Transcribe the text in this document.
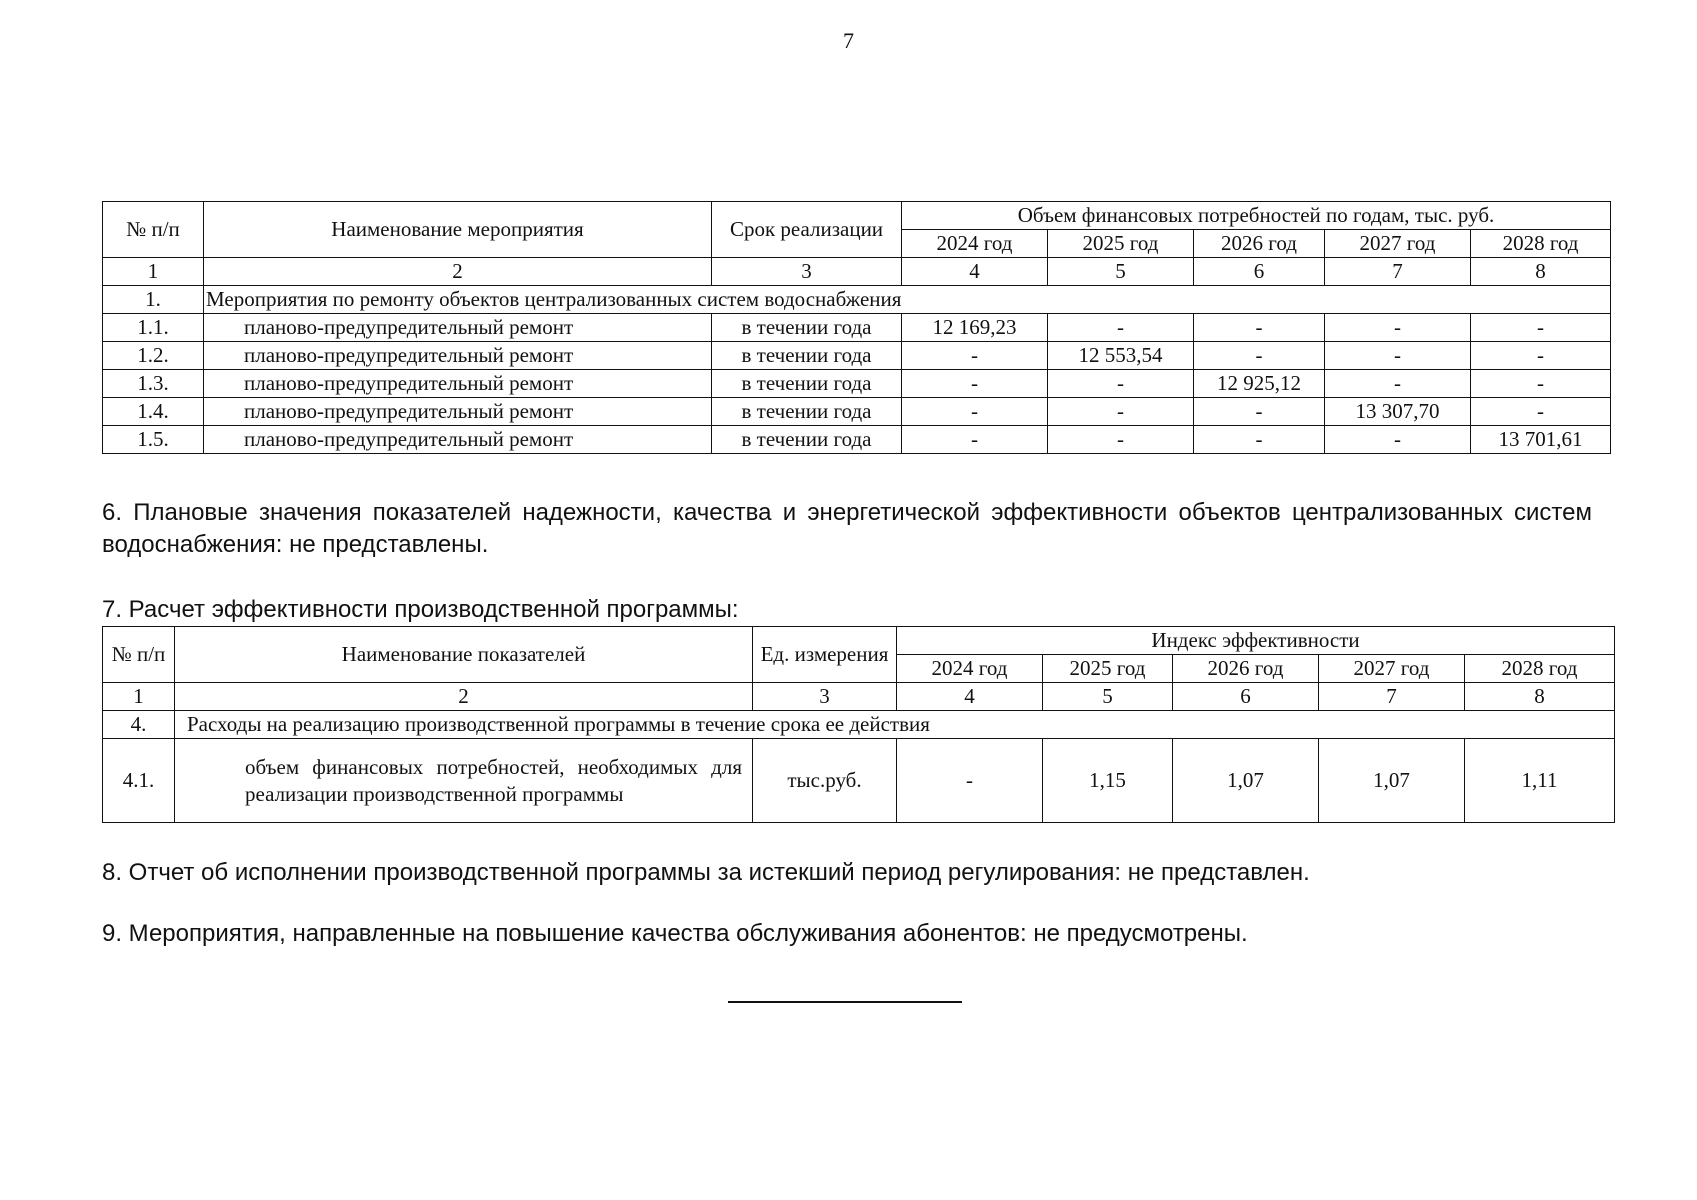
7
№ п/п	Наименование мероприятия	Срок реализации	Объем финансовых потребностей по годам, тыс. руб.				
			2024 год	2025 год	2026 год	2027 год	2028 год
1	2	3	4	5	6	7	8
1.	Мероприятия по ремонту объектов централизованных систем водоснабжения						
1.1.	планово-предупредительный ремонт	в течении года	12 169,23	-	-	-	-
1.2.	планово-предупредительный ремонт	в течении года	-	12 553,54	-	-	-
1.3.	планово-предупредительный ремонт	в течении года	-	-	12 925,12	-	-
1.4.	планово-предупредительный ремонт	в течении года	-	-	-	13 307,70	-
1.5.	планово-предупредительный ремонт	в течении года	-	-	-	-	13 701,61
6. Плановые значения показателей надежности, качества и энергетической эффективности объектов централизованных систем водоснабжения: не представлены.
7. Расчет эффективности производственной программы:
№ п/п	Наименование показателей	Ед. измерения	Индекс эффективности				
			2024 год	2025 год	2026 год	2027 год	2028 год
1	2	3	4	5	6	7	8
4.	Расходы на реализацию производственной программы в течение срока ее действия						
4.1.	объем финансовых потребностей, необходимых для реализации производственной программы	тыс.руб.	-	1,15	1,07	1,07	1,11
8. Отчет об исполнении производственной программы за истекший период регулирования: не представлен.
9. Мероприятия, направленные на повышение качества обслуживания абонентов: не предусмотрены.
